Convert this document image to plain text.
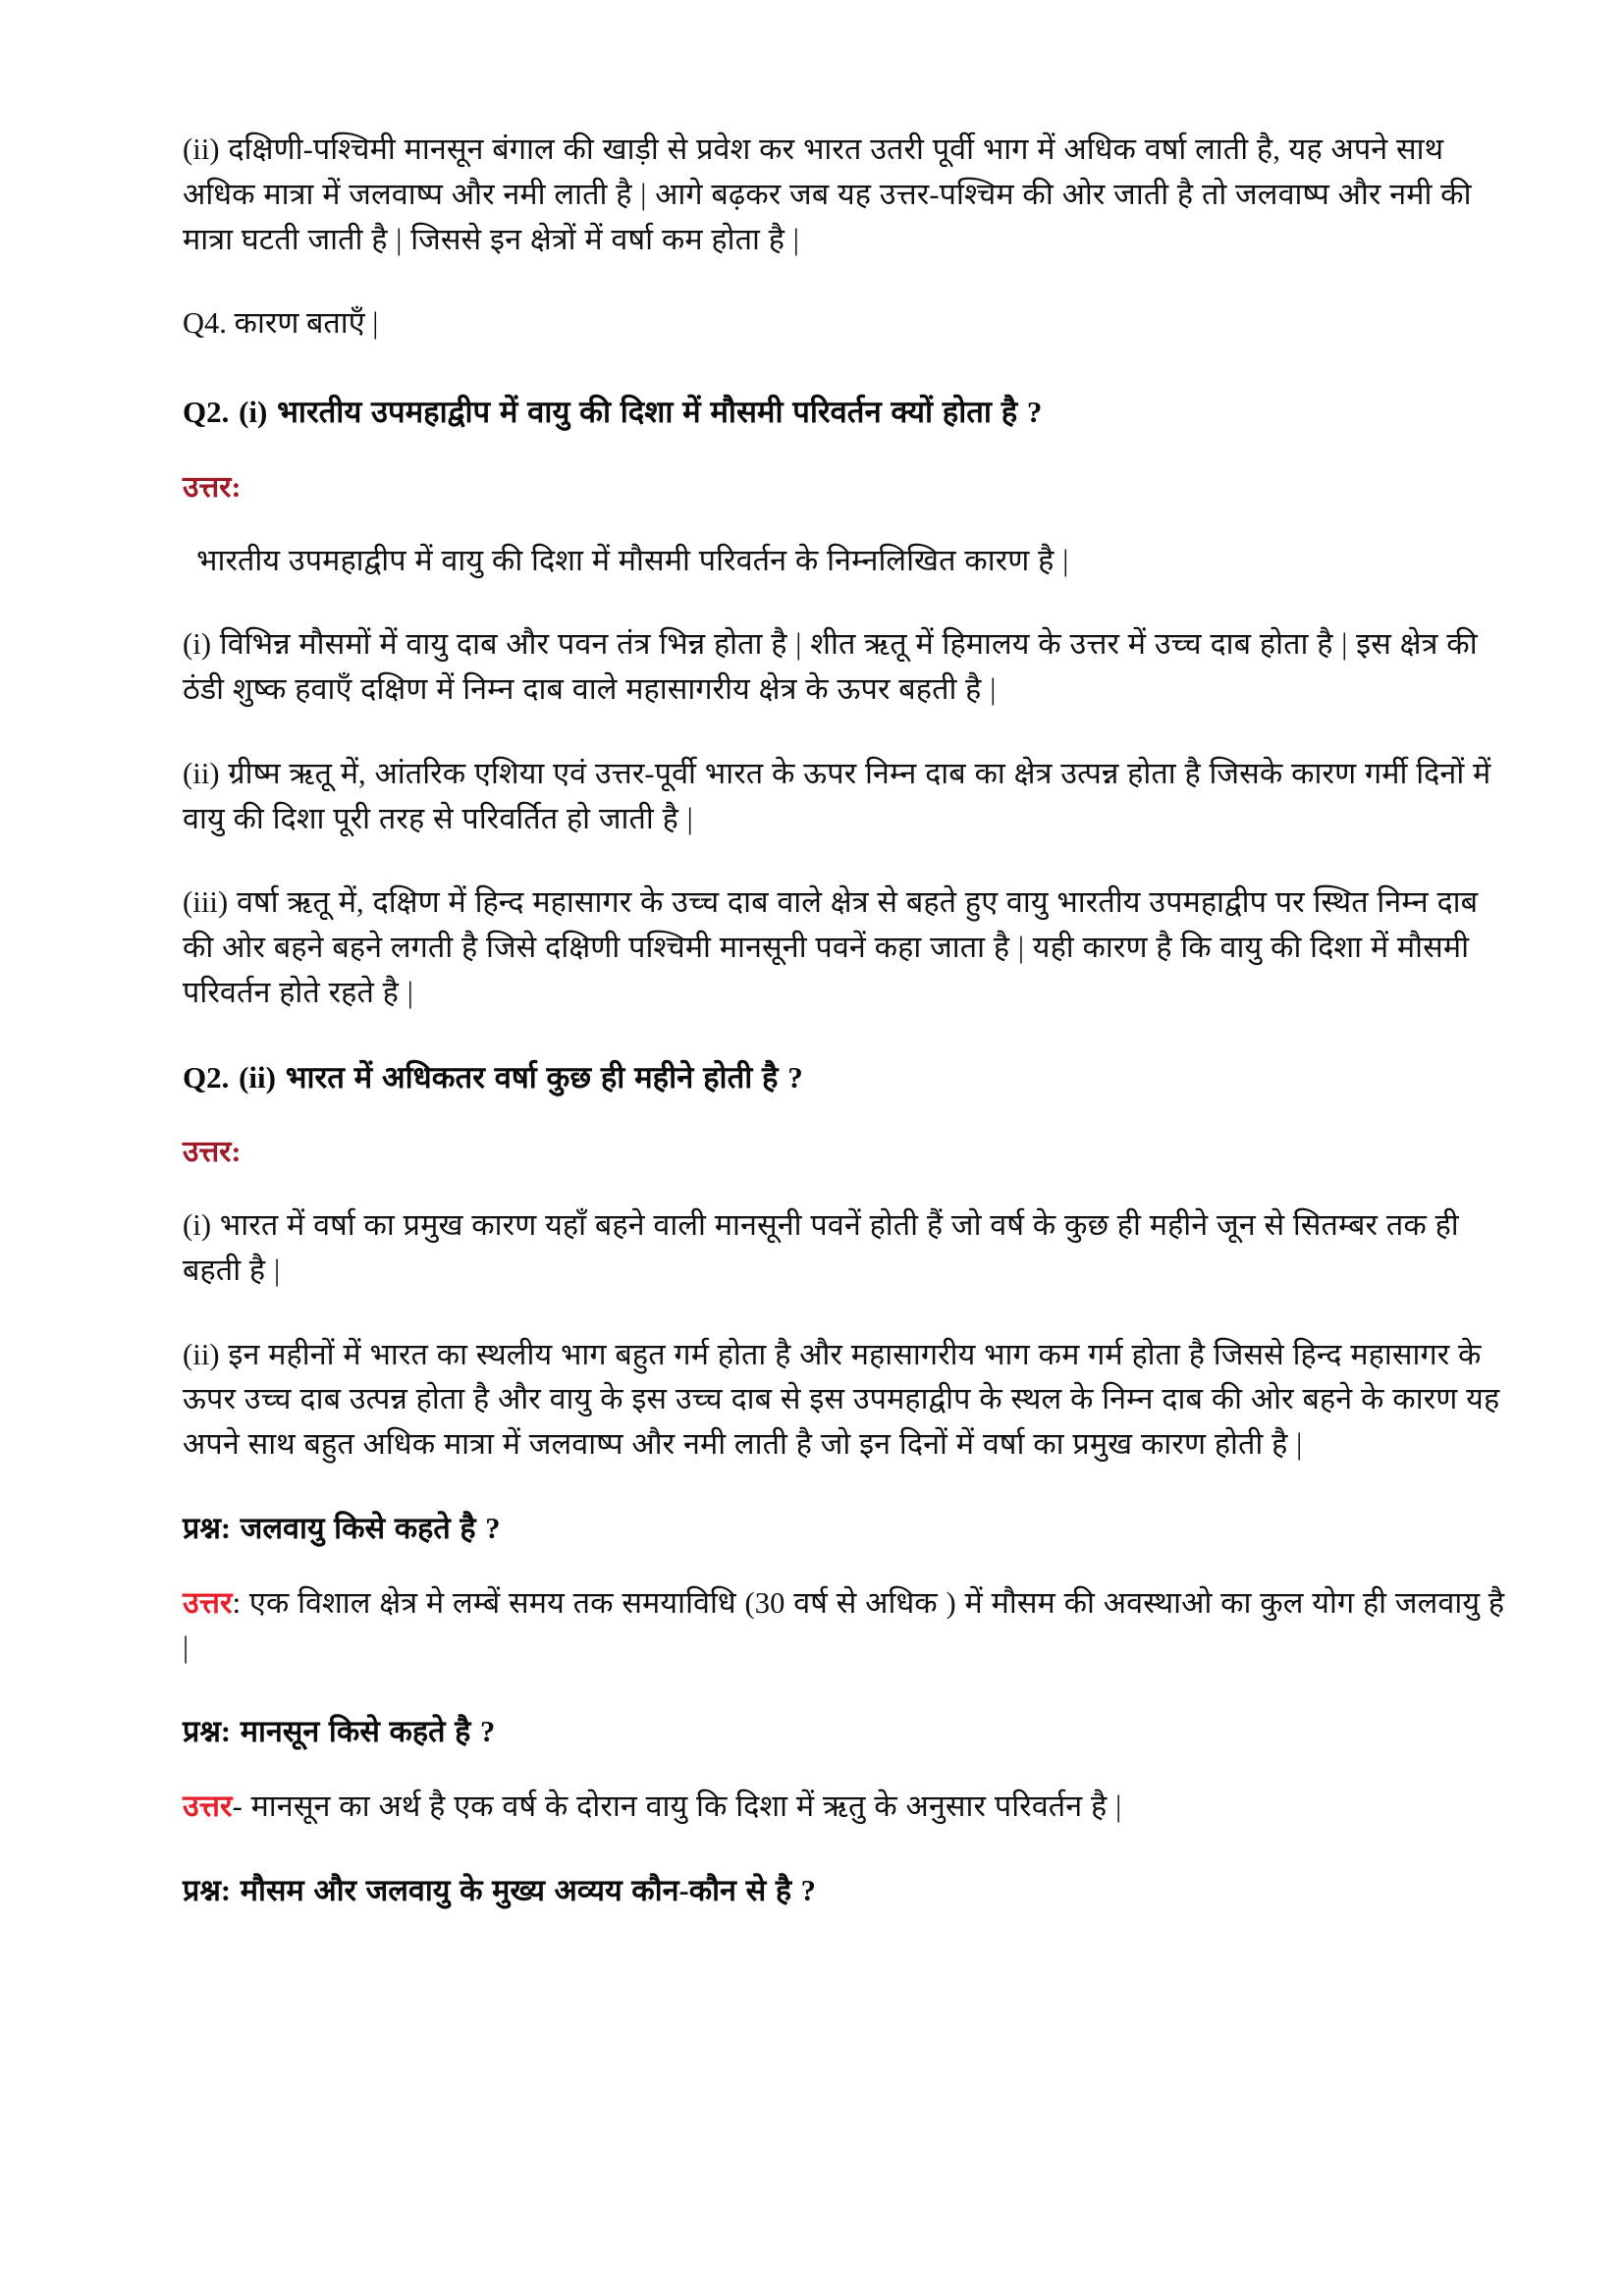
(ii) दक्षिणी-पश्चिमी मानसून बंगाल की खाड़ी से प्रवेश कर भारत उतरी पूर्वी भाग में अधिक वर्षा लाती है, यह अपने साथ अधिक मात्रा में जलवाष्प और नमी लाती है | आगे बढ़कर जब यह उत्तर-पश्चिम की ओर जाती है तो जलवाष्प और नमी की मात्रा घटती जाती है | जिससे इन क्षेत्रों में वर्षा कम होता है |

Q4. कारण बताएँ |

Q2. (i) भारतीय उपमहाद्वीप में वायु की दिशा में मौसमी परिवर्तन क्यों होता है ?
उत्तर:

भारतीय उपमहाद्वीप में वायु की दिशा में मौसमी परिवर्तन के निम्नलिखित कारण है |

(i) विभिन्न मौसमों में वायु दाब और पवन तंत्र भिन्न होता है | शीत ऋतू में हिमालय के उत्तर में उच्च दाब होता है | इस क्षेत्र की ठंडी शुष्क हवाएँ दक्षिण में निम्न दाब वाले महासागरीय क्षेत्र के ऊपर बहती है |

(ii) ग्रीष्म ऋतू में, आंतरिक एशिया एवं उत्तर-पूर्वी भारत के ऊपर निम्न दाब का क्षेत्र उत्पन्न होता है जिसके कारण गर्मी दिनों में वायु की दिशा पूरी तरह से परिवर्तित हो जाती है |

(iii) वर्षा ऋतू में, दक्षिण में हिन्द महासागर के उच्च दाब वाले क्षेत्र से बहते हुए वायु भारतीय उपमहाद्वीप पर स्थित निम्न दाब की ओर बहने बहने लगती है जिसे दक्षिणी पश्चिमी मानसूनी पवनें कहा जाता है | यही कारण है कि वायु की दिशा में मौसमी परिवर्तन होते रहते है |

Q2. (ii) भारत में अधिकतर वर्षा कुछ ही महीने होती है ?
उत्तर:

(i) भारत में वर्षा का प्रमुख कारण यहाँ बहने वाली मानसूनी पवनें होती हैं जो वर्ष के कुछ ही महीने जून से सितम्बर तक ही बहती है |

(ii) इन महीनों में भारत का स्थलीय भाग बहुत गर्म होता है और महासागरीय भाग कम गर्म होता है जिससे हिन्द महासागर के ऊपर उच्च दाब उत्पन्न होता है और वायु के इस उच्च दाब से इस उपमहाद्वीप के स्थल के निम्न दाब की ओर बहने के कारण यह अपने साथ बहुत अधिक मात्रा में जलवाष्प और नमी लाती है जो इन दिनों में वर्षा का प्रमुख कारण होती है |

प्रश्न: जलवायु किसे कहते है ?

उत्तर: एक विशाल क्षेत्र मे लम्बें समय तक समयाविधि (30 वर्ष से अधिक ) में मौसम की अवस्थाओ का कुल योग ही जलवायु है |

प्रश्न: मानसून किसे कहते है ?

उत्तर- मानसून का अर्थ है एक वर्ष के दोरान वायु कि दिशा में ऋतु के अनुसार परिवर्तन है |

प्रश्न: मौसम और जलवायु के मुख्य अव्यय कौन-कौन से है ?
